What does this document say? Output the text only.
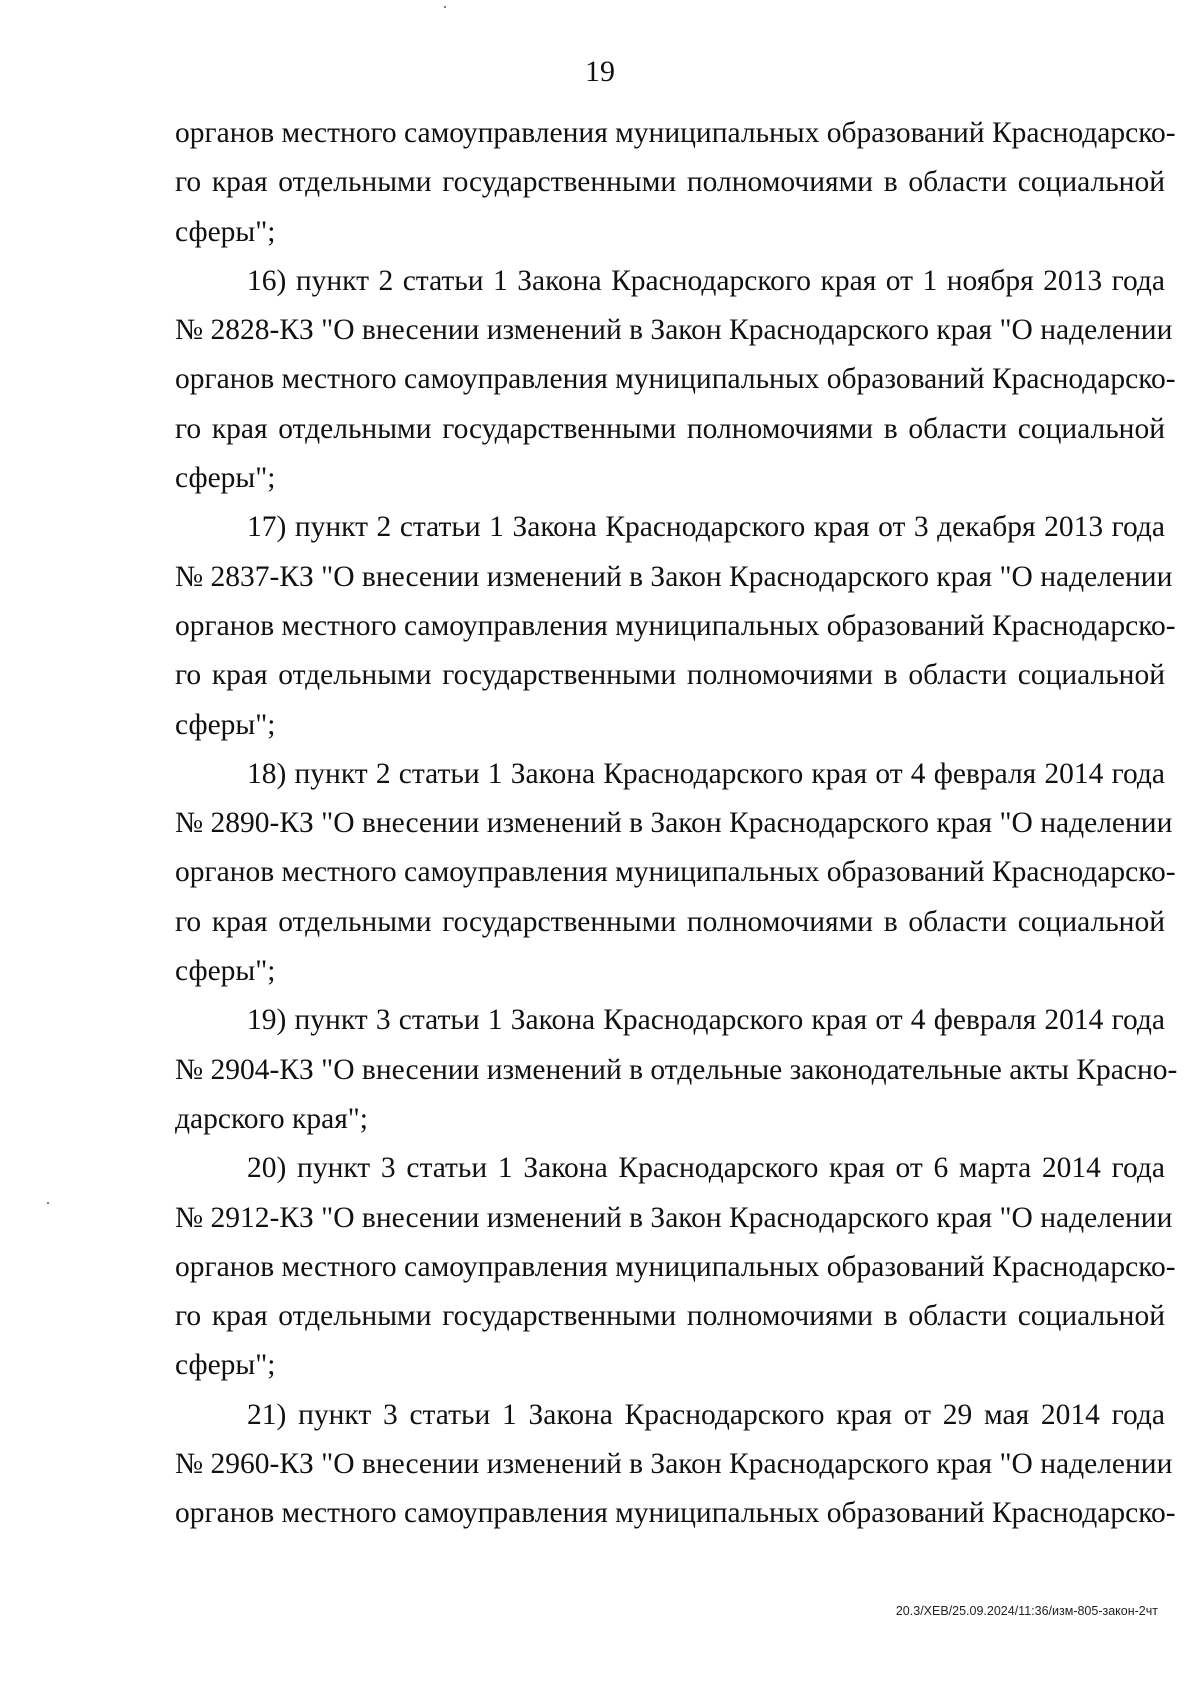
19
органов местного самоуправления муниципальных образований Краснодарско-
го края отдельными государственными полномочиями в области социальной
сферы";
16) пункт 2 статьи 1 Закона Краснодарского края от 1 ноября 2013 года
№ 2828-КЗ "О внесении изменений в Закон Краснодарского края "О наделении
органов местного самоуправления муниципальных образований Краснодарско-
го края отдельными государственными полномочиями в области социальной
сферы";
17) пункт 2 статьи 1 Закона Краснодарского края от 3 декабря 2013 года
№ 2837-КЗ "О внесении изменений в Закон Краснодарского края "О наделении
органов местного самоуправления муниципальных образований Краснодарско-
го края отдельными государственными полномочиями в области социальной
сферы";
18) пункт 2 статьи 1 Закона Краснодарского края от 4 февраля 2014 года
№ 2890-КЗ "О внесении изменений в Закон Краснодарского края "О наделении
органов местного самоуправления муниципальных образований Краснодарско-
го края отдельными государственными полномочиями в области социальной
сферы";
19) пункт 3 статьи 1 Закона Краснодарского края от 4 февраля 2014 года
№ 2904-КЗ "О внесении изменений в отдельные законодательные акты Красно-
дарского края";
20) пункт 3 статьи 1 Закона Краснодарского края от 6 марта 2014 года
№ 2912-КЗ "О внесении изменений в Закон Краснодарского края "О наделении
органов местного самоуправления муниципальных образований Краснодарско-
го края отдельными государственными полномочиями в области социальной
сферы";
21) пункт 3 статьи 1 Закона Краснодарского края от 29 мая 2014 года
№ 2960-КЗ "О внесении изменений в Закон Краснодарского края "О наделении
органов местного самоуправления муниципальных образований Краснодарско-
20.3/ХЕВ/25.09.2024/11:36/изм-805-закон-2чт
